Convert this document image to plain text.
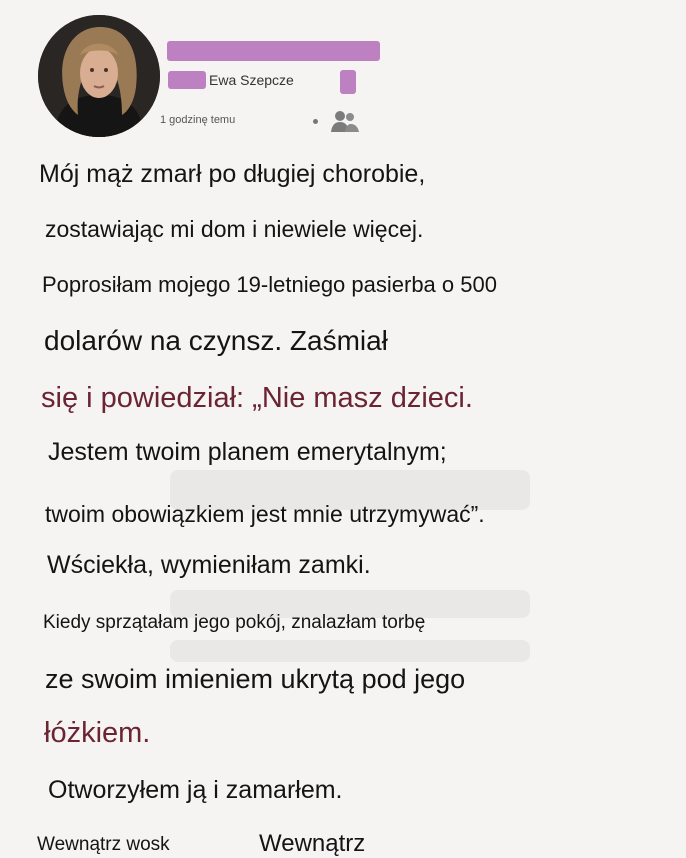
Ewa Szepcze
1 godzinę temu
Mój mąż zmarł po długiej chorobie,
zostawiając mi dom i niewiele więcej.
Poprosiłam mojego 19-letniego pasierba o 500
dolarów na czynsz. Zaśmiał
się i powiedział: „Nie masz dzieci.
Jestem twoim planem emerytalnym;
twoim obowiązkiem jest mnie utrzymywać”.
Wściekła, wymieniłam zamki.
Kiedy sprzątałam jego pokój, znalazłam torbę
ze swoim imieniem ukrytą pod jego
łóżkiem.
Otworzyłem ją i zamarłem.
Wewnątrz wosk	Wewnątrz
